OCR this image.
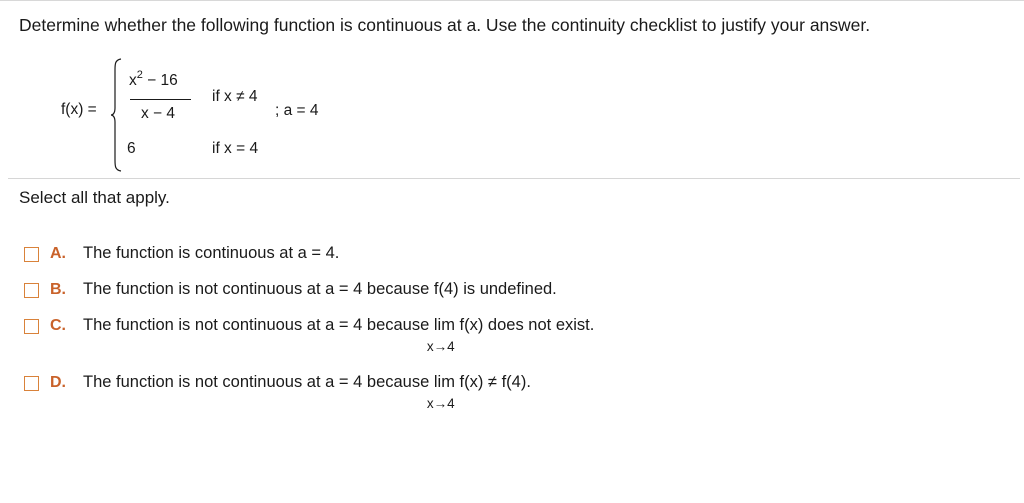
Determine whether the following function is continuous at a. Use the continuity checklist to justify your answer.
f(x) =
$x^2 - 16$
x − 4
if x ≠ 4
; a = 4
6	if x = 4
Select all that apply.
A. The function is continuous at a = 4.
B. The function is not continuous at a = 4 because f(4) is undefined.
C. The function is not continuous at a = 4 because lim
x→4
f(x) does not exist.
D. The function is not continuous at a = 4 because lim
x→4
f(x) ≠ f(4).
